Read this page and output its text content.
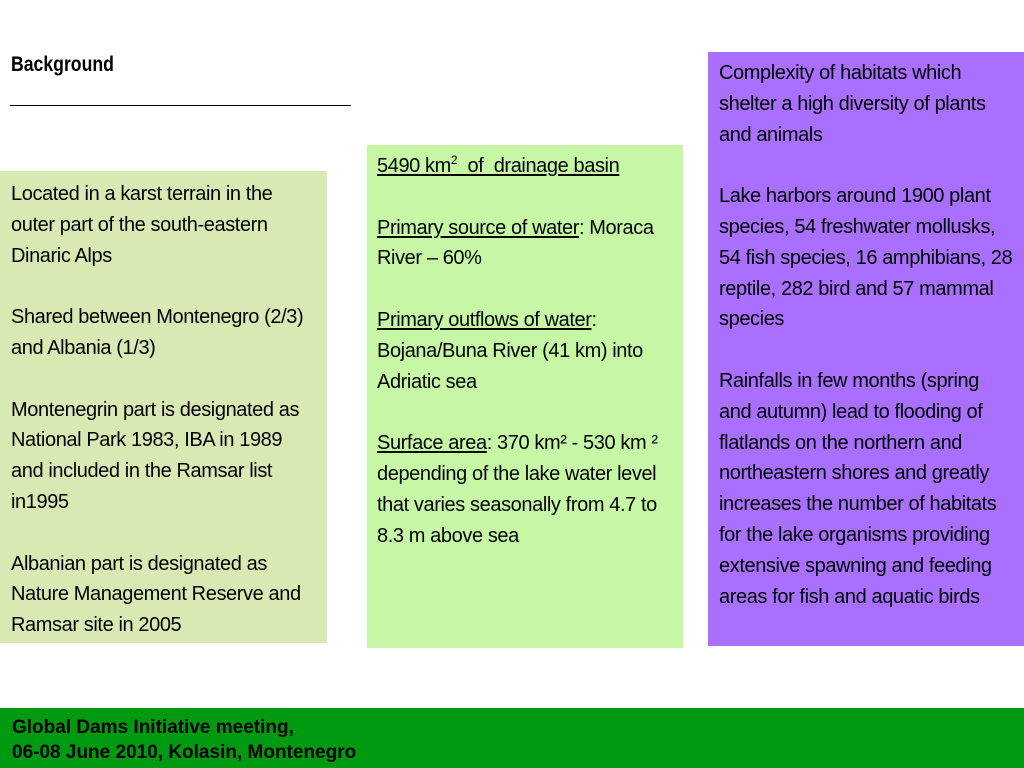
Background

Located in a karst terrain in the outer part of the south-eastern Dinaric Alps

Shared between Montenegro (2/3) and Albania (1/3)

Montenegrin part is designated as National Park 1983, IBA in 1989 and included in the Ramsar list in1995

Albanian part is designated as Nature Management Reserve and Ramsar site in 2005

5490 $km^2$  of  drainage basin

Primary source of water: Moraca River – 60%

Primary outflows of water: Bojana/Buna River (41 km) into Adriatic sea

Surface area: 370 km² - 530 km ² depending of the lake water level that varies seasonally from 4.7 to 8.3 m above sea

Complexity of habitats which shelter a high diversity of plants and animals

Lake harbors around 1900 plant species, 54 freshwater mollusks, 54 fish species, 16 amphibians, 28 reptile, 282 bird and 57 mammal species

Rainfalls in few months (spring and autumn) lead to flooding of flatlands on the northern and northeastern shores and greatly increases the number of habitats for the lake organisms providing extensive spawning and feeding areas for fish and aquatic birds

Global Dams Initiative meeting,
06-08 June 2010, Kolasin, Montenegro
